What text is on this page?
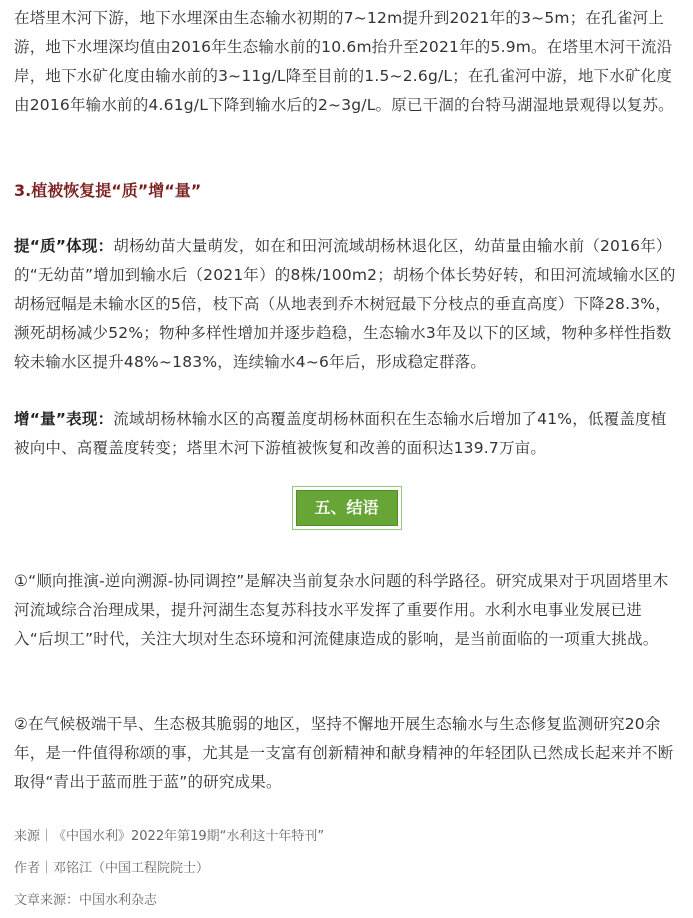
在塔里木河下游，地下水埋深由生态输水初期的7~12m提升到2021年的3~5m；在孔雀河上游，地下水埋深均值由2016年生态输水前的10.6m抬升至2021年的5.9m。在塔里木河干流沿岸，地下水矿化度由输水前的3~11g/L降至目前的1.5~2.6g/L；在孔雀河中游，地下水矿化度由2016年输水前的4.61g/L下降到输水后的2~3g/L。原已干涸的台特马湖湿地景观得以复苏。

3.植被恢复提“质”增“量”

提“质”体现：胡杨幼苗大量萌发，如在和田河流域胡杨林退化区，幼苗量由输水前（2016年）的“无幼苗”增加到输水后（2021年）的8株/100m2；胡杨个体长势好转，和田河流域输水区的胡杨冠幅是未输水区的5倍，枝下高（从地表到乔木树冠最下分枝点的垂直高度）下降28.3%，濒死胡杨减少52%；物种多样性增加并逐步趋稳，生态输水3年及以下的区域，物种多样性指数较未输水区提升48%~183%，连续输水4~6年后，形成稳定群落。

增“量”表现：流域胡杨林输水区的高覆盖度胡杨林面积在生态输水后增加了41%，低覆盖度植被向中、高覆盖度转变；塔里木河下游植被恢复和改善的面积达139.7万亩。

五、结语

①“顺向推演-逆向溯源-协同调控”是解决当前复杂水问题的科学路径。研究成果对于巩固塔里木河流域综合治理成果，提升河湖生态复苏科技水平发挥了重要作用。水利水电事业发展已进入“后坝工”时代，关注大坝对生态环境和河流健康造成的影响，是当前面临的一项重大挑战。

②在气候极端干旱、生态极其脆弱的地区，坚持不懈地开展生态输水与生态修复监测研究20余年，是一件值得称颂的事，尤其是一支富有创新精神和献身精神的年轻团队已然成长起来并不断取得“青出于蓝而胜于蓝”的研究成果。

来源｜《中国水利》2022年第19期“水利这十年特刊”
作者｜邓铭江（中国工程院院士）
文章来源：中国水利杂志
